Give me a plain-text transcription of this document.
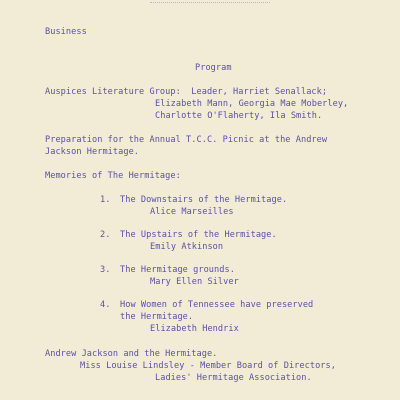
Business
Program
Auspices Literature Group:  Leader, Harriet Senallack;
Elizabeth Mann, Georgia Mae Moberley,
Charlotte O'Flaherty, Ila Smith.
Preparation for the Annual T.C.C. Picnic at the Andrew
Jackson Hermitage.
Memories of The Hermitage:
1. The Downstairs of the Hermitage.
Alice Marseilles
2. The Upstairs of the Hermitage.
Emily Atkinson
3. The Hermitage grounds.
Mary Ellen Silver
4. How Women of Tennessee have preserved
the Hermitage.
Elizabeth Hendrix
Andrew Jackson and the Hermitage.
Miss Louise Lindsley - Member Board of Directors,
Ladies' Hermitage Association.
